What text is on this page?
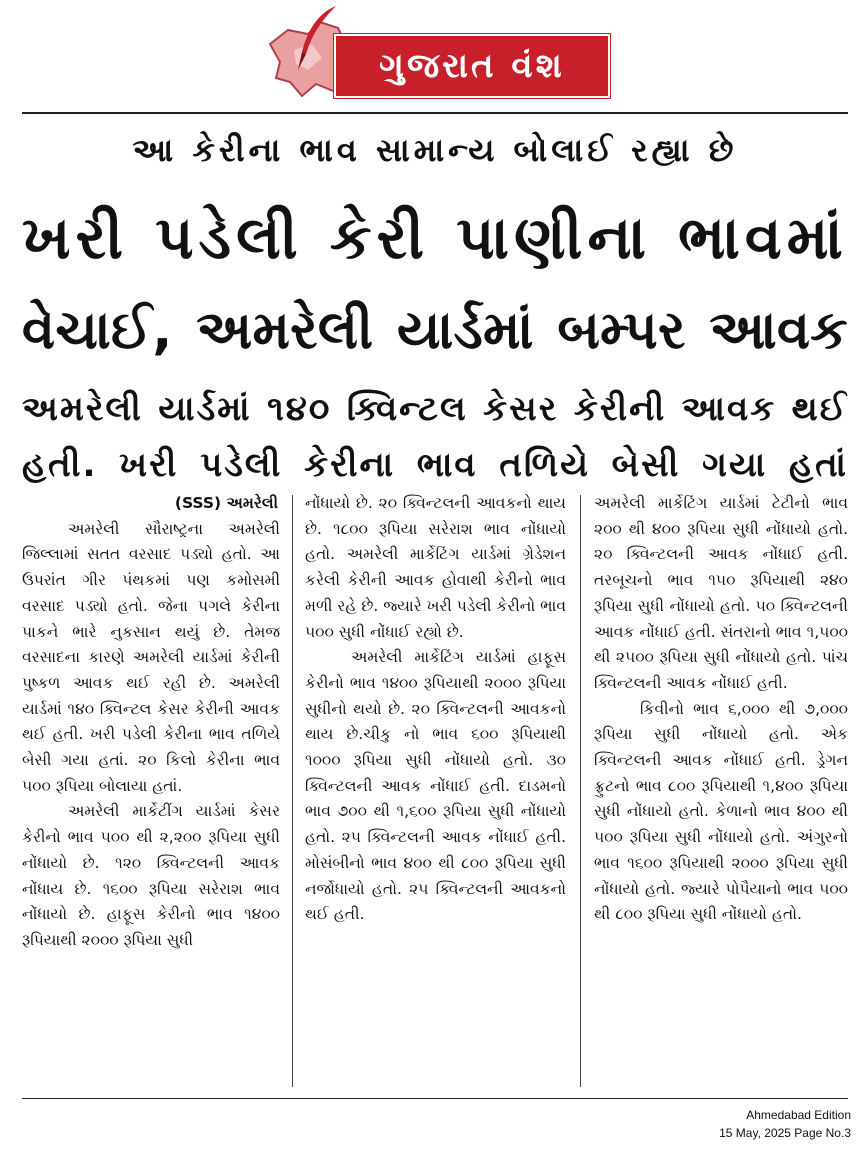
ગુજરાત વંશ
આ કેરીના ભાવ સામાન્ય બોલાઈ રહ્યા છે
ખરી પડેલી કેરી પાણીના ભાવમાં
વેચાઈ, અમરેલી યાર્ડમાં બમ્પર આવક
અમરેલી યાર્ડમાં ૧૪૦ ક્વિન્ટલ કેસર કેરીની આવક થઈ
હતી. ખરી પડેલી કેરીના ભાવ તળિયે બેસી ગયા હતાં
(SSS) અમરેલી

અમરેલી સૌરાષ્ટ્રના અમરેલી જિલ્લામાં સતત વરસાદ પડ્યો હતો. આ ઉપરાંત ગીર પંથકમાં પણ કમોસમી વરસાદ પડ્યો હતો. જેના પગલે કેરીના પાકને ભારે નુકસાન થયું છે. તેમજ વરસાદના કારણે અમરેલી યાર્ડમાં કેરીની પુષ્કળ આવક થઈ રહી છે. અમરેલી યાર્ડમાં ૧૪૦ ક્વિન્ટલ કેસર કેરીની આવક થઈ હતી. ખરી પડેલી કેરીના ભાવ તળિયે બેસી ગયા હતાં. ૨૦ કિલો કેરીના ભાવ ૫૦૦ રૂપિયા બોલાયા હતાં.

અમરેલી માર્કેટીંગ યાર્ડમાં કેસર કેરીનો ભાવ ૫૦૦ થી ૨,૨૦૦ રૂપિયા સુધી નોંધાયો છે. ૧૨૦ ક્વિન્ટલની આવક નોંધાય છે. ૧૬૦૦ રૂપિયા સરેરાશ ભાવ નોંધાયો છે. હાફૂસ કેરીનો ભાવ ૧૪૦૦ રૂપિયાથી ૨૦૦૦ રૂપિયા સુધી

નોંધાયો છે. ૨૦ ક્વિન્ટલની આવકનો થાય છે. ૧૮૦૦ રૂપિયા સરેરાશ ભાવ નોંધાયો હતો. અમરેલી માર્કેટિંગ યાર્ડમાં ગ્રેડેશન કરેલી કેરીની આવક હોવાથી કેરીનો ભાવ મળી રહે છે. જ્યારે ખરી પડેલી કેરીનો ભાવ ૫૦૦ સુધી નોંધાઈ રહ્યો છે.

અમરેલી માર્કેટિંગ યાર્ડમાં હાફૂસ કેરીનો ભાવ ૧૪૦૦ રૂપિયાથી ૨૦૦૦ રૂપિયા સુધીનો થયો છે. ૨૦ ક્વિન્ટલની આવકનો થાય છે.ચીકુ નો ભાવ ૬૦૦ રૂપિયાથી ૧૦૦૦ રૂપિયા સુધી નોંધાયો હતો. ૩૦ ક્વિન્ટલની આવક નોંધાઈ હતી. દાડમનો ભાવ ૭૦૦ થી ૧,૬૦૦ રૂપિયા સુધી નોંધાયો હતો. ૨૫ ક્વિન્ટલની આવક નોંધાઈ હતી. મોસંબીનો ભાવ ૪૦૦ થી ૮૦૦ રૂપિયા સુધી નર્જોધાયો હતો. ૨૫ ક્વિન્ટલની આવકનો થઈ હતી.

અમરેલી માર્કેટિંગ યાર્ડમાં ટેટીનો ભાવ ૨૦૦ થી ૪૦૦ રૂપિયા સુધી નોંધાયો હતો. ૨૦ ક્વિન્ટલની આવક નોંધાઈ હતી. તરબૂચનો ભાવ ૧૫૦ રૂપિયાથી ૨૪૦ રૂપિયા સુધી નોંધાયો હતો. ૫૦ ક્વિન્ટલની આવક નોંધાઈ હતી. સંતરાનો ભાવ ૧,૫૦૦ થી ૨૫૦૦ રૂપિયા સુધી નોંધાયો હતો. પાંચ ક્વિન્ટલની આવક નોંધાઈ હતી.

કિવીનો ભાવ ૬,૦૦૦ થી ૭,૦૦૦ રૂપિયા સુધી નોંધાયો હતો. એક ક્વિન્ટલની આવક નોંધાઈ હતી. ડ્રેગન ફ્રુટનો ભાવ ૮૦૦ રૂપિયાથી ૧,૪૦૦ રૂપિયા સુધી નોંધાયો હતો. કેળાનો ભાવ ૪૦૦ થી ૫૦૦ રૂપિયા સુધી નોંધાયો હતો. અંગુરનો ભાવ ૧૬૦૦ રૂપિયાથી ૨૦૦૦ રૂપિયા સુધી નોંધાયો હતો. જ્યારે પોપૈયાનો ભાવ ૫૦૦ થી ૮૦૦ રૂપિયા સુધી નોંધાયો હતો.

Ahmedabad Edition
15 May, 2025 Page No.3
